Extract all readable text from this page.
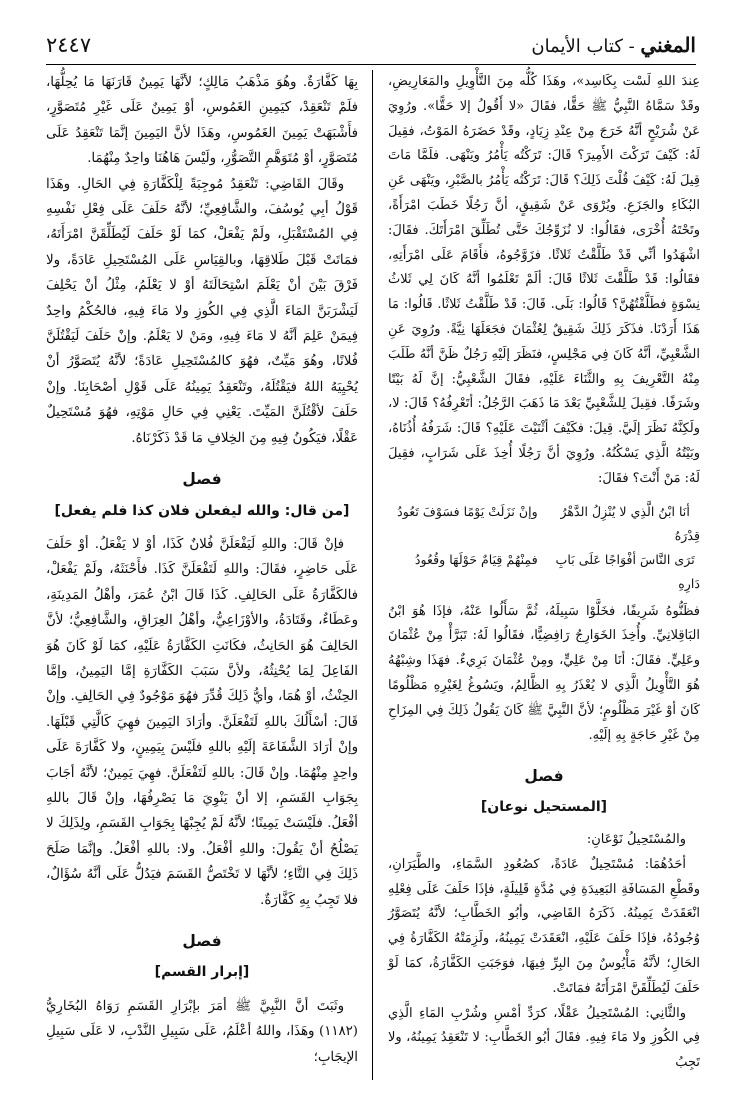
٢٤٤٧	المغني - كتاب الأيمان

عِندَ اللهِ لَسْت بِكَاسِد»، وهَذَا كُلُّه مِنَ التَّأْوِيلِ والمَعَارِيضِ، وقَدْ سَمَّاهُ النَّبِيُّ ﷺ حَقًّا، فقَالَ «لا أَقُولُ إلا حَقًّا». ورُوِيَ عَنْ شُرَيْحٍ أنَّهُ خَرَجَ مِنْ عِنْدِ زِيَادٍ، وقَدْ حَضَرَهُ المَوْتُ، فقِيلَ لَهُ: كَيْفَ تَرَكْتَ الأَمِيرَ؟ قَالَ: تَرَكْتُه يَأْمُرُ ويَنْهَى. فلَمَّا مَاتَ قِيلَ لَهُ: كَيْفَ قُلْتَ ذَلِكَ؟ قَالَ: تَرَكْتُه يَأْمُرُ بالصَّبْرِ، ويَنْهَى عَنِ البُكَاءِ والجَزَعِ. ويُرْوَى عَنْ شَقِيقٍ، أنَّ رَجُلًا خَطَبَ امْرَأَةً، وتَحْتَهُ أُخْرَى، فقَالُوا: لا نُزَوِّجُكَ حَتَّى تُطَلِّقَ امْرَأَتَكَ. فقَالَ: اشْهَدُوا أنِّي قَدْ طَلَّقْتُ ثَلاثًا. فزَوَّجُوهُ، فأَقَامَ عَلَى امْرَأَتِهِ، فقَالُوا: قَدْ طَلَّقْتَ ثَلاثًا قَالَ: ألَمْ تَعْلَمُوا أنَّهُ كَانَ لِي ثَلاثُ نِسْوَةٍ فطَلَّقْتُهُنَّ؟ قَالُوا: بَلَى. قَالَ: قَدْ طَلَّقْتُ ثَلاثًا. قَالُوا: مَا هَذَا أَرَدْنَا. فذَكَرَ ذَلِكَ شَقِيقٌ لِعُثْمَانَ فجَعَلَهَا نِيَّةً. ورُوِيَ عَنِ الشَّعْبِيِّ، أنَّهُ كَانَ فِي مَجْلِسٍ، فنَظَرَ إلَيْهِ رَجُلٌ ظَنَّ أنَّهُ طَلَبَ مِنْهُ التَّعْرِيفَ بِهِ والثَّنَاءَ عَلَيْهِ، فقَالَ الشَّعْبِيُّ: إنَّ لَهُ بَيْتًا وشَرَفًا. فقِيلَ لِلشَّعْبِيِّ بَعْدَ مَا ذَهَبَ الرَّجُلُ: أتَعْرِفُهُ؟ قَالَ: لا، ولَكِنَّهُ نَظَرَ إلَيَّ. قِيلَ: فكَيْفَ أثْنَيْتَ عَلَيْهِ؟ قَالَ: شَرَفُهُ أُذُنَاهُ، وبَيْتُهُ الَّذِي يَسْكُنُهُ. ورُوِيَ أنَّ رَجُلًا أُخِذَ عَلَى شَرَابٍ، فقِيلَ لَهُ: مَنْ أَنْتَ؟ فقَالَ:

أنَا ابْنُ الَّذِي لا يُنْزِلُ الدَّهْرُ قِدْرَهُ
وإنْ نَزَلَتْ يَوْمًا فسَوْفَ تَعُودُ
تَرَى النَّاسَ أفْوَاجًا عَلَى بَابِ دَارِهِ
فمِنْهُمْ قِيَامٌ حَوْلَهَا وقُعُودُ

فظَنُّوهُ شَرِيفًا، فخَلَّوْا سَبِيلَهُ، ثُمَّ سَأَلُوا عَنْهُ، فإذَا هُوَ ابْنُ البَاقِلانِيِّ. وأُخِذَ الخَوَارِجُ رَافِضِيًّا، فقَالُوا لَهُ: تَبَرَّأْ مِنْ عُثْمَانَ وعَلِيٍّ. فقَالَ: أنَا مِنْ عَلِيٍّ، ومِنْ عُثْمَانَ بَرِيءٌ. فهَذَا وشِبْهُهُ هُوَ التَّأْوِيلُ الَّذِي لا يُعْذَرُ بِهِ الظَّالِمُ، ويَسُوغُ لِغَيْرِهِ مَظْلُومًا كَانَ أوْ غَيْرَ مَظْلُومٍ؛ لأنَّ النَّبِيَّ ﷺ كَانَ يَقُولُ ذَلِكَ فِي المِزَاحِ مِنْ غَيْرِ حَاجَةٍ بِهِ إلَيْهِ.

فصل
[المستحيل نوعان]

والمُسْتَحِيلُ نَوْعَانِ:

أحَدُهُمَا: مُسْتَحِيلٌ عَادَةً، كصُعُودِ السَّمَاءِ، والطَّيَرَانِ، وقَطْعِ المَسَافَةِ البَعِيدَةِ فِي مُدَّةٍ قَلِيلَةٍ، فإذَا حَلَفَ عَلَى فِعْلِهِ انْعَقَدَتْ يَمِينُهُ. ذَكَرَهُ القَاضِي، وأبُو الخَطَّابِ؛ لأنَّهُ يُتَصَوَّرُ وُجُودُهُ، فإذَا حَلَفَ عَلَيْهِ، انْعَقَدَتْ يَمِينُهُ، ولَزِمَتْهُ الكَفَّارَةُ فِي الحَالِ؛ لأنَّهُ مَأْيُوسٌ مِنَ البِرِّ فِيهَا، فوَجَبَتِ الكَفَّارَةُ، كمَا لَوْ حَلَفَ لَيُطَلِّقَنَّ امْرَأَتَهُ فمَاتَتْ.

والثَّانِي: المُسْتَحِيلُ عَقْلًا، كرَدِّ أمْسِ وشُرْبِ المَاءِ الَّذِي فِي الكُوزِ ولا مَاءَ فِيهِ. فقَالَ أبُو الخَطَّابِ: لا تَنْعَقِدُ يَمِينُهُ، ولا تَجِبُ

بِهَا كَفَّارَةٌ. وهُوَ مَذْهَبُ مَالِكٍ؛ لأنَّهَا يَمِينٌ قَارَنَهَا مَا يُحِلُّهَا، فلَمْ تَنْعَقِدْ، كيَمِينِ الغَمُوسِ، أوْ يَمِينٌ عَلَى غَيْرِ مُتَصَوَّرٍ، فأَشْبَهَتْ يَمِينَ الغَمُوسِ، وهَذَا لأنَّ اليَمِينَ إنَّمَا تَنْعَقِدُ عَلَى مُتَصَوَّرٍ، أوْ مُتَوَهَّمِ التَّصَوُّرِ، ولَيْسَ هَاهُنَا واحِدٌ مِنْهُمَا.

وقَالَ القَاضِي: تَنْعَقِدُ مُوجِبَةً لِلْكَفَّارَةِ فِي الحَالِ. وهَذَا قَوْلُ أبِي يُوسُفَ، والشَّافِعِيِّ؛ لأنَّهُ حَلَفَ عَلَى فِعْلِ نَفْسِهِ فِي المُسْتَقْبَلِ، ولَمْ يَفْعَلْ، كمَا لَوْ حَلَفَ لَيُطَلِّقَنَّ امْرَأَتَهُ، فمَاتَتْ قَبْلَ طَلاقِهَا، وبالقِيَاسِ عَلَى المُسْتَحِيلِ عَادَةً، ولا فَرْقَ بَيْنَ أنْ يَعْلَمَ اسْتِحَالَتَهُ أوْ لا يَعْلَمُ، مِثْلُ أنْ يَحْلِفَ لَيَشْرَبَنَّ المَاءَ الَّذِي فِي الكُوزِ ولا مَاءَ فِيهِ، فالحُكْمُ واحِدٌ فِيمَنْ عَلِمَ أنَّهُ لا مَاءَ فِيهِ، ومَنْ لا يَعْلَمُ. وإنْ حَلَفَ لَيَقْتُلَنَّ فُلانًا، وهُوَ مَيِّتٌ، فهُوَ كالمُسْتَحِيلِ عَادَةً؛ لأنَّهُ يُتَصَوَّرُ أنْ يُحْيِيَهُ اللهُ فيَقْتُلَهُ، وتَنْعَقِدُ يَمِينُهُ عَلَى قَوْلِ أصْحَابِنَا. وإنْ حَلَفَ لأقْتُلَنَّ المَيِّتَ. يَعْنِي فِي حَالِ مَوْتِهِ، فهُوَ مُسْتَحِيلٌ عَقْلًا، فيَكُونُ فِيهِ مِنَ الخِلافِ مَا قَدْ ذَكَرْنَاهُ.

فصل
[من قال: والله ليفعلن فلان كذا فلم يفعل]

فإنْ قَالَ: واللهِ لَيَفْعَلَنَّ فُلانٌ كَذَا، أوْ لا يَفْعَلُ. أوْ حَلَفَ عَلَى حَاضِرٍ، فقَالَ: واللهِ لَتَفْعَلَنَّ كَذَا. فأَحْنَثَهُ، ولَمْ يَفْعَلْ، فالكَفَّارَةُ عَلَى الحَالِفِ. كَذَا قَالَ ابْنُ عُمَرَ، وأهْلُ المَدِينَةِ، وعَطَاءٌ، وقَتَادَةُ، والأوْزَاعِيُّ، وأهْلُ العِرَاقِ، والشَّافِعِيُّ؛ لأنَّ الحَالِفَ هُوَ الحَانِثُ، فكَانَتِ الكَفَّارَةُ عَلَيْهِ، كمَا لَوْ كَانَ هُوَ الفَاعِلَ لِمَا يُحْنِثُهُ، ولأنَّ سَبَبَ الكَفَّارَةِ إمَّا اليَمِينُ، وإمَّا الحِنْثُ، أوْ هُمَا، وأيُّ ذَلِكَ قُدِّرَ فهُوَ مَوْجُودٌ فِي الحَالِفِ. وإنْ قَالَ: أسْأَلُكَ باللهِ لَتَفْعَلَنَّ. وأرَادَ اليَمِينَ فهِيَ كَالَّتِي قَبْلَهَا. وإنْ أرَادَ الشَّفَاعَةَ إلَيْهِ باللهِ فلَيْسَ بِيَمِينٍ، ولا كَفَّارَةَ عَلَى واحِدٍ مِنْهُمَا. وإنْ قَالَ: باللهِ لَتَفْعَلَنَّ. فهِيَ يَمِينٌ؛ لأنَّهُ أجَابَ بِجَوَابِ القَسَمِ، إلا أنْ يَنْوِيَ مَا يَصْرِفُهَا، وإنْ قَالَ باللهِ أفْعَلُ. فلَيْسَتْ يَمِينًا؛ لأنَّهُ لَمْ يُجِبْهَا بِجَوَابِ القَسَمِ، ولِذَلِكَ لا يَصْلُحُ أنْ يَقُولَ: واللهِ أفْعَلُ. ولا: باللهِ أفْعَلُ. وإنَّمَا صَلَحَ ذَلِكَ فِي التَّاءِ؛ لأنَّهَا لا تَخْتَصُّ القَسَمَ فيَدُلُّ عَلَى أنَّهُ سُؤَالٌ، فلا تَجِبُ بِهِ كَفَّارَةٌ.

فصل
[إبرار القسم]

وثَبَتَ أنَّ النَّبِيَّ ﷺ أمَرَ بإبْرَارِ القَسَمِ رَوَاهُ البُخَارِيُّ (١١٨٢) وهَذَا، واللهُ أعْلَمُ، عَلَى سَبِيلِ النَّدْبِ، لا عَلَى سَبِيلِ الإيجَابِ؛
